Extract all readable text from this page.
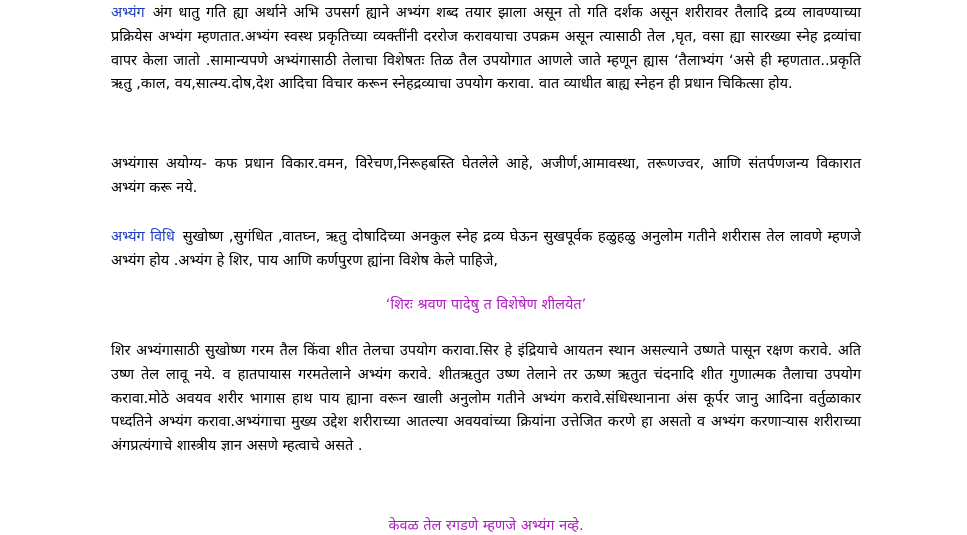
अभ्यंग अंग धातु गति ह्या अर्थाने अभि उपसर्ग ह्याने अभ्यंग शब्द तयार झाला असून तो गति दर्शक असून शरीरावर तैलादि द्रव्य लावण्याच्या प्रक्रियेस अभ्यंग म्हणतात.अभ्यंग स्वस्थ प्रकृतिच्या व्यक्तींनी दररोज करावयाचा उपक्रम असून त्यासाठी तेल ,घृत, वसा ह्या सारख्या स्नेह द्रव्यांचा वापर केला जातो .सामान्यपणे अभ्यंगासाठी तेलाचा विशेषतः तिळ तैल उपयोगात आणले जाते म्हणून ह्यास ‘तैलाभ्यंग ‘असे ही म्हणतात..प्रकृति ऋतु ,काल, वय,सात्म्य.दोष,देश आदिचा विचार करून स्नेहद्रव्याचा उपयोग करावा. वात व्याधीत बाह्य स्नेहन ही प्रधान चिकित्सा होय.

अभ्यंगास अयोग्य- कफ प्रधान विकार.वमन, विरेचण,निरूहबस्ति घेतलेले आहे, अजीर्ण,आमावस्था, तरूणज्वर, आणि संतर्पणजन्य विकारात अभ्यंग करू नये.

अभ्यंग विधि सुखोष्ण ,सुगंधित ,वातघ्न, ऋतु दोषादिच्या अनकुल स्नेह द्रव्य घेऊन सुखपूर्वक हळुहळु अनुलोम गतीने शरीरास तेल लावणे म्हणजे अभ्यंग होय .अभ्यंग हे शिर, पाय आणि कर्णपुरण ह्यांना विशेष केले पाहिजे,

‘शिरः श्रवण पादेषु त विशेषेण शीलयेत’

शिर अभ्यंगासाठी सुखोष्ण गरम तैल किंवा शीत तेलचा उपयोग करावा.सिर हे इंद्रियाचे आयतन स्थान असल्याने उष्णते पासून रक्षण करावे. अति उष्ण तेल लावू नये. व हातपायास गरमतेलाने अभ्यंग करावे. शीतऋतुत उष्ण तेलाने तर ऊष्ण ऋतुत चंदनादि शीत गुणात्मक तैलाचा उपयोग करावा.मोठे अवयव शरीर भागास हाथ पाय ह्याना वरून खाली अनुलोम गतीने अभ्यंग करावे.संधिस्थानाना अंस कूर्पर जानु आदिना वर्तुळाकार पध्दतिने अभ्यंग करावा.अभ्यंगाचा मुख्य उद्देश शरीराच्या आतल्या अवयवांच्या क्रियांना उत्तेजित करणे हा असतो व अभ्यंग करणाऱ्यास शरीराच्या अंगप्रत्यंगाचे शास्त्रीय ज्ञान असणे म्हत्वाचे असते .

केवळ तेल रगडणे म्हणजे अभ्यंग नव्हे.
